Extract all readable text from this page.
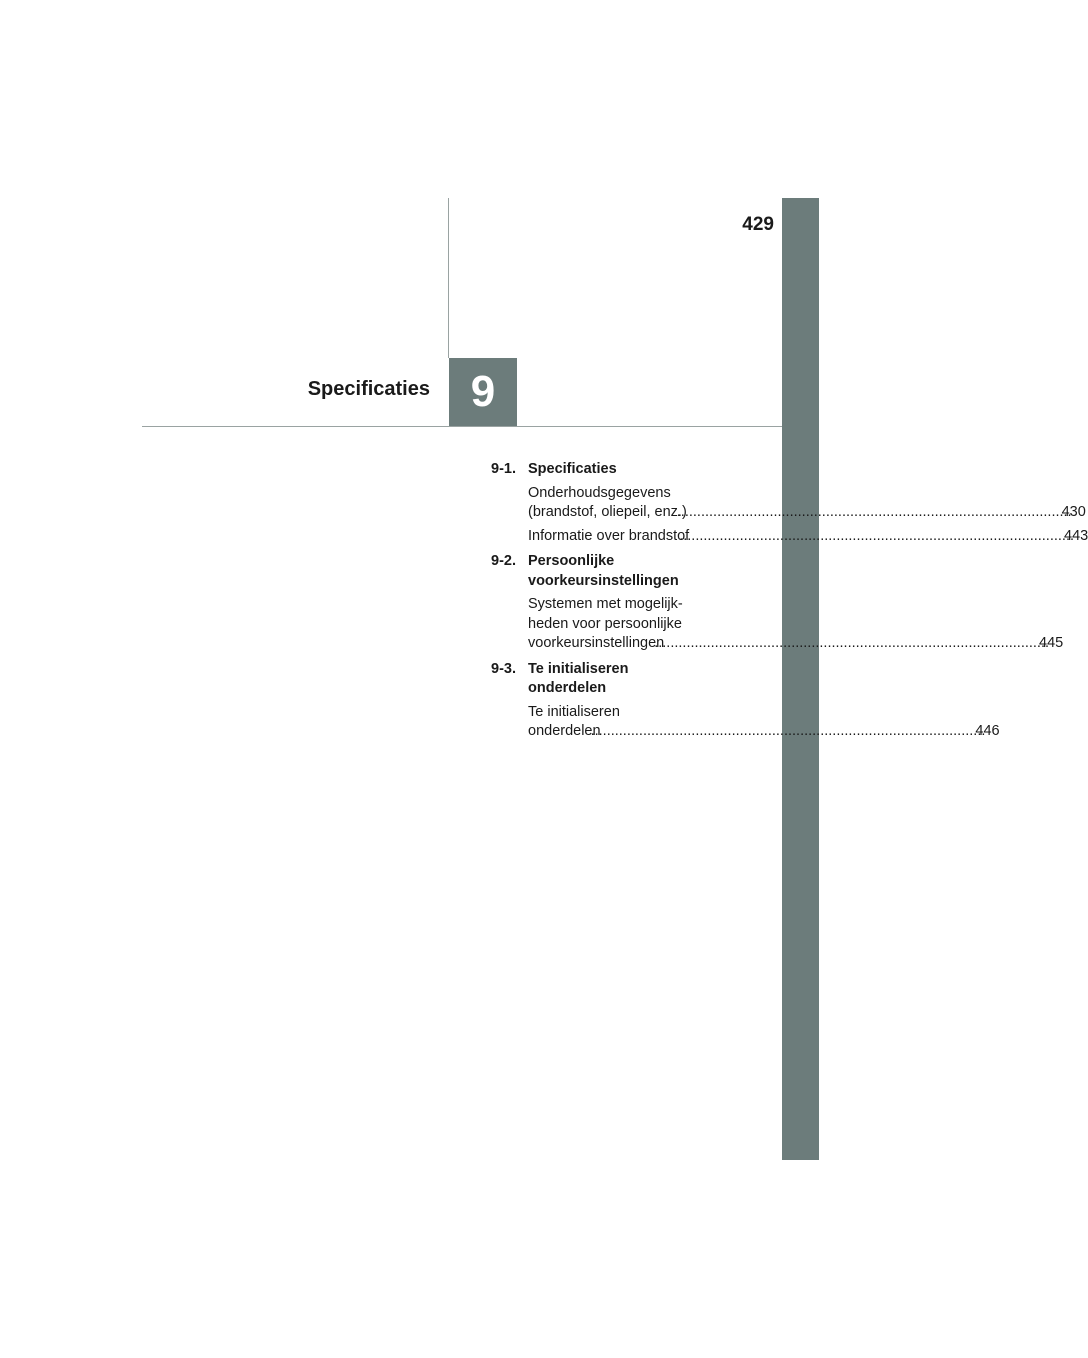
429
9
Specificaties
9-1. Specificaties
Onderhoudsgegevens
(brandstof, oliepeil, enz.) .....	430
Informatie over brandstof .....	443
9-2. Persoonlijke
voorkeursinstellingen
Systemen met mogelijk-
heden voor persoonlijke
voorkeursinstellingen .....	445
9-3. Te initialiseren
onderdelen
Te initialiseren
onderdelen .....	446
